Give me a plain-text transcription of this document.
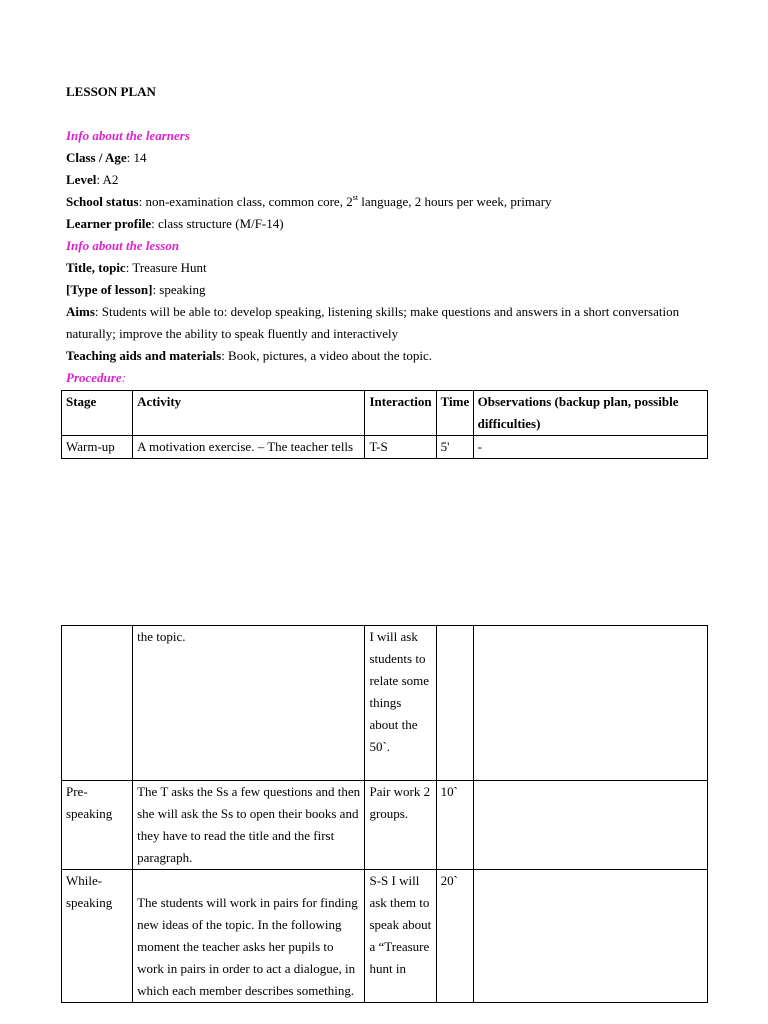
LESSON PLAN
Info about the learners
Class / Age: 14
Level: A2
School status: non-examination class, common core, 2st language, 2 hours per week, primary
Learner profile: class structure (M/F-14)
Info about the lesson
Title, topic: Treasure Hunt
[Type of lesson]: speaking
Aims: Students will be able to: develop speaking, listening skills; make questions and answers in a short conversation naturally; improve the ability to speak fluently and interactively
Teaching aids and materials: Book, pictures, a video about the topic.
Procedure:
Stage	Activity	Interaction	Time	Observations (backup plan, possible difficulties)
Warm-up	A motivation exercise. – The teacher tells	T-S	5'	-
	the topic.	I will ask students to relate some things about the 50`.		
Pre-speaking	The T asks the Ss a few questions and then she will ask the Ss to open their books and they have to read the title and the first paragraph.	Pair work 2 groups.	10`	
While-speaking	The students will work in pairs for finding new ideas of the topic. In the following moment the teacher asks her pupils to work in pairs in order to act a dialogue, in which each member describes something.	S-S I will ask them to speak about a “Treasure hunt in	20`	
